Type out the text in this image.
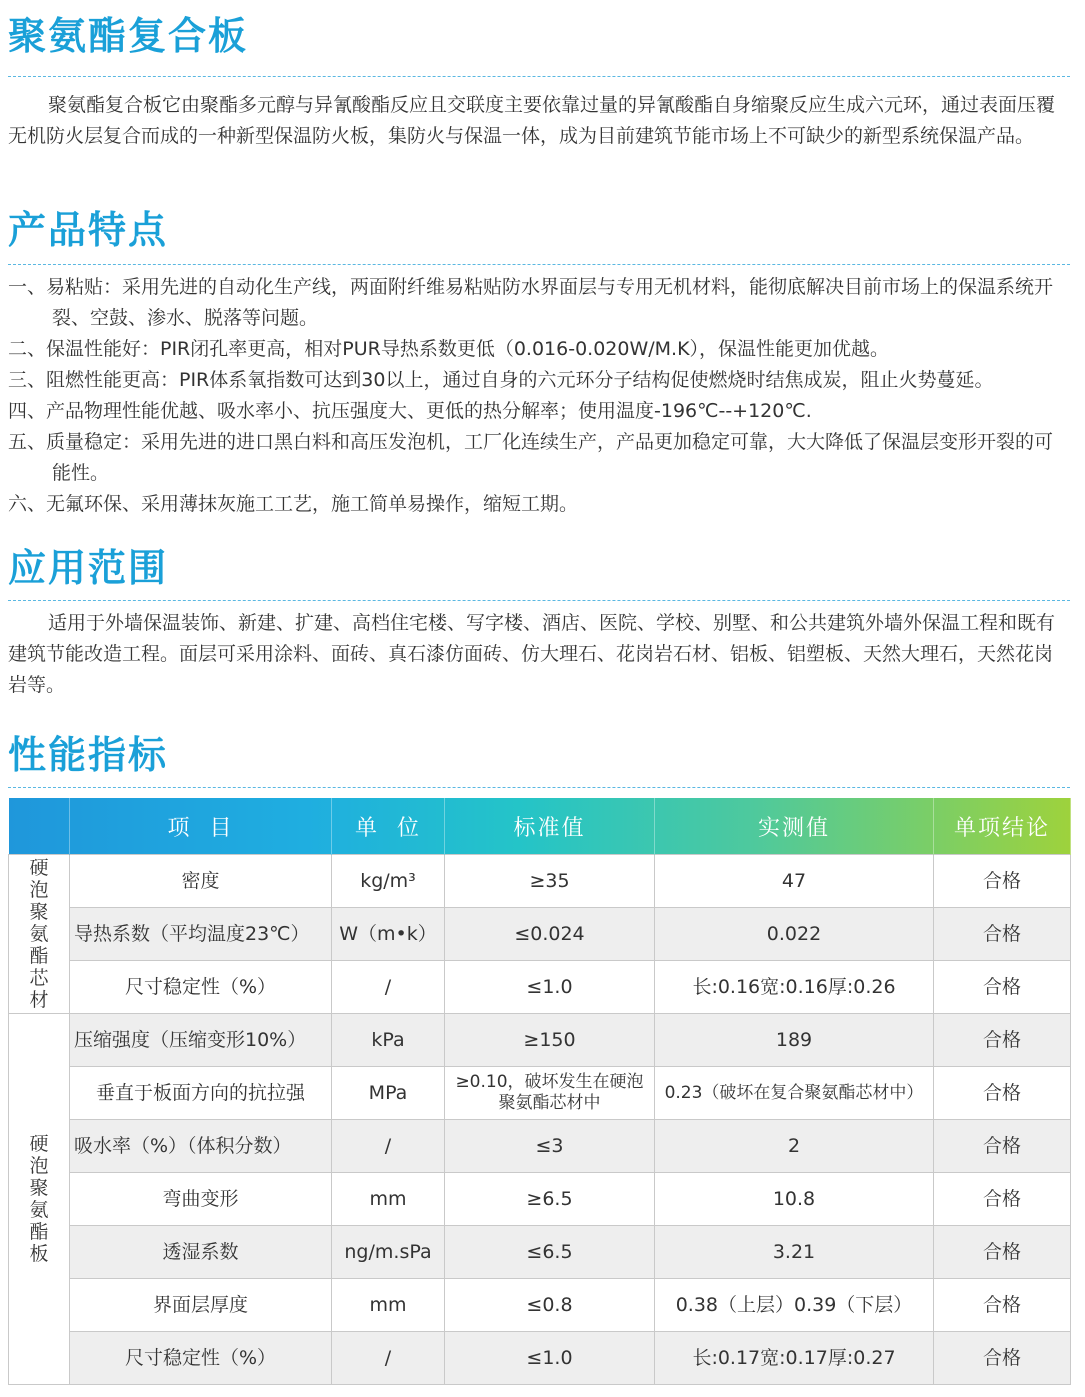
聚氨酯复合板

聚氨酯复合板它由聚酯多元醇与异氰酸酯反应且交联度主要依靠过量的异氰酸酯自身缩聚反应生成六元环，通过表面压覆无机防火层复合而成的一种新型保温防火板，集防火与保温一体，成为目前建筑节能市场上不可缺少的新型系统保温产品。

产品特点
一、易粘贴：采用先进的自动化生产线，两面附纤维易粘贴防水界面层与专用无机材料，能彻底解决目前市场上的保温系统开裂、空鼓、渗水、脱落等问题。
二、保温性能好：PIR闭孔率更高，相对PUR导热系数更低（0.016-0.020W/M.K），保温性能更加优越。
三、阻燃性能更高：PIR体系氧指数可达到30以上，通过自身的六元环分子结构促使燃烧时结焦成炭，阻止火势蔓延。
四、产品物理性能优越、吸水率小、抗压强度大、更低的热分解率；使用温度-196℃--+120℃.
五、质量稳定：采用先进的进口黑白料和高压发泡机，工厂化连续生产，产品更加稳定可靠，大大降低了保温层变形开裂的可能性。
六、无氟环保、采用薄抹灰施工工艺，施工简单易操作，缩短工期。
应用范围

适用于外墙保温装饰、新建、扩建、高档住宅楼、写字楼、酒店、医院、学校、别墅、和公共建筑外墙外保温工程和既有建筑节能改造工程。面层可采用涂料、面砖、真石漆仿面砖、仿大理石、花岗岩石材、铝板、铝塑板、天然大理石，天然花岗岩等。

性能指标
	项  目	单  位	标准值	实测值	单项结论
硬泡聚氨酯芯材	密度	kg/m³	≥35	47	合格
	导热系数（平均温度23℃）	W（m•k）	≤0.024	0.022	合格
	尺寸稳定性（%）	/	≤1.0	长:0.16宽:0.16厚:0.26	合格
硬泡聚氨酯板	压缩强度（压缩变形10%）	kPa	≥150	189	合格
	垂直于板面方向的抗拉强	MPa	≥0.10，破坏发生在硬泡聚氨酯芯材中	0.23（破坏在复合聚氨酯芯材中）	合格
	吸水率（%）（体积分数）	/	≤3	2	合格
	弯曲变形	mm	≥6.5	10.8	合格
	透湿系数	ng/m.sPa	≤6.5	3.21	合格
	界面层厚度	mm	≤0.8	0.38（上层）0.39（下层）	合格
	尺寸稳定性（%）	/	≤1.0	长:0.17宽:0.17厚:0.27	合格
